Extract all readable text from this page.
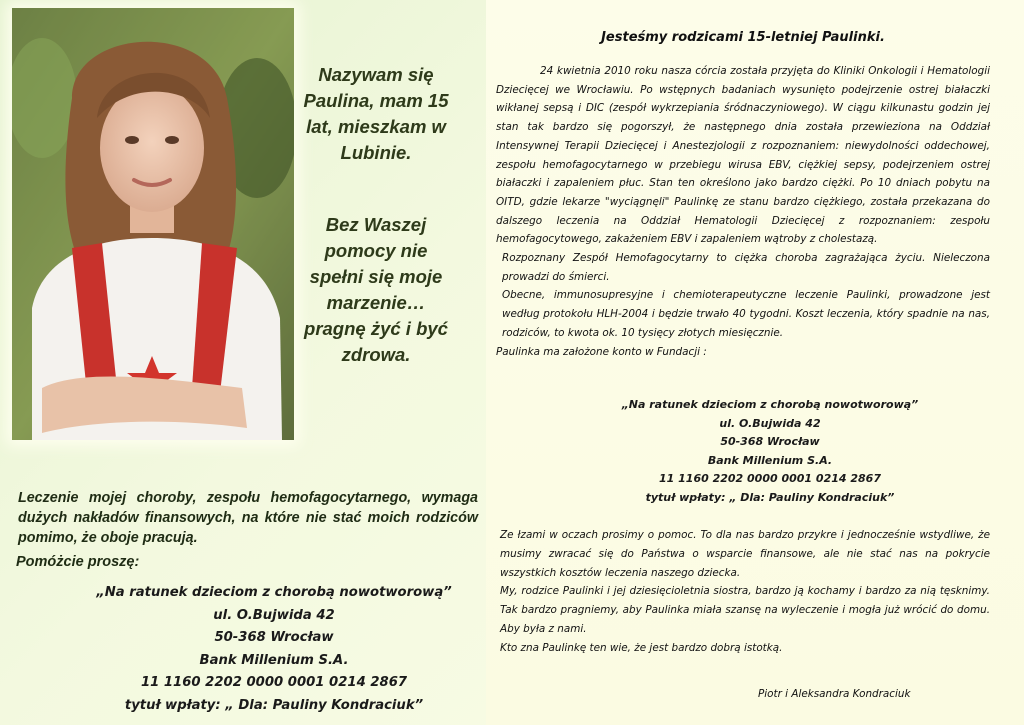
Nazywam się Paulina, mam 15 lat, mieszkam w Lubinie.

Bez Waszej pomocy nie spełni się moje marzenie… pragnę żyć i być zdrowa.

Leczenie mojej choroby, zespołu hemofagocytarnego, wymaga dużych nakładów finansowych, na które nie stać moich rodziców pomimo, że oboje pracują.
Pomóżcie proszę:
„Na ratunek dzieciom z chorobą nowotworową”
ul. O.Bujwida 42
50-368 Wrocław
Bank Millenium S.A.
11 1160 2202 0000 0001 0214 2867
tytuł wpłaty: „ Dla: Pauliny Kondraciuk”
Jesteśmy rodzicami 15-letniej Paulinki.

24 kwietnia 2010 roku nasza córcia została przyjęta do Kliniki Onkologii i Hematologii Dziecięcej we Wrocławiu. Po wstępnych badaniach wysunięto podejrzenie ostrej białaczki wikłanej sepsą i DIC (zespół wykrzepiania śródnaczyniowego). W ciągu kilkunastu godzin jej stan tak bardzo się pogorszył, że następnego dnia została przewieziona na Oddział Intensywnej Terapii Dziecięcej i Anestezjologii z rozpoznaniem: niewydolności oddechowej, zespołu hemofagocytarnego w przebiegu wirusa EBV, ciężkiej sepsy, podejrzeniem ostrej białaczki i zapaleniem płuc. Stan ten określono jako bardzo ciężki. Po 10 dniach pobytu na OITD, gdzie lekarze "wyciągnęli" Paulinkę ze stanu bardzo ciężkiego, została przekazana do dalszego leczenia na Oddział Hematologii Dziecięcej z rozpoznaniem: zespołu hemofagocytowego, zakażeniem EBV i zapaleniem wątroby z cholestazą.

Rozpoznany Zespół Hemofagocytarny to ciężka choroba zagrażająca życiu. Nieleczona prowadzi do śmierci.

Obecne, immunosupresyjne i chemioterapeutyczne leczenie Paulinki, prowadzone jest według protokołu HLH-2004 i będzie trwało 40 tygodni. Koszt leczenia, który spadnie na nas, rodziców, to kwota ok. 10 tysięcy złotych miesięcznie.

Paulinka ma założone konto w Fundacji :

„Na ratunek dzieciom z chorobą nowotworową”
ul. O.Bujwida 42
50-368 Wrocław
Bank Millenium S.A.
11 1160 2202 0000 0001 0214 2867
tytuł wpłaty: „ Dla: Pauliny Kondraciuk”

Ze łzami w oczach prosimy o pomoc. To dla nas bardzo przykre i jednocześnie wstydliwe, że musimy zwracać się do Państwa o wsparcie finansowe, ale nie stać nas na pokrycie wszystkich kosztów leczenia naszego dziecka.

My, rodzice Paulinki i jej dziesięcioletnia siostra, bardzo ją kochamy i bardzo za nią tęsknimy. Tak bardzo pragniemy, aby Paulinka miała szansę na wyleczenie i mogła już wrócić do domu. Aby była z nami.

Kto zna Paulinkę ten wie, że jest bardzo dobrą istotką.

Piotr i Aleksandra Kondraciuk
